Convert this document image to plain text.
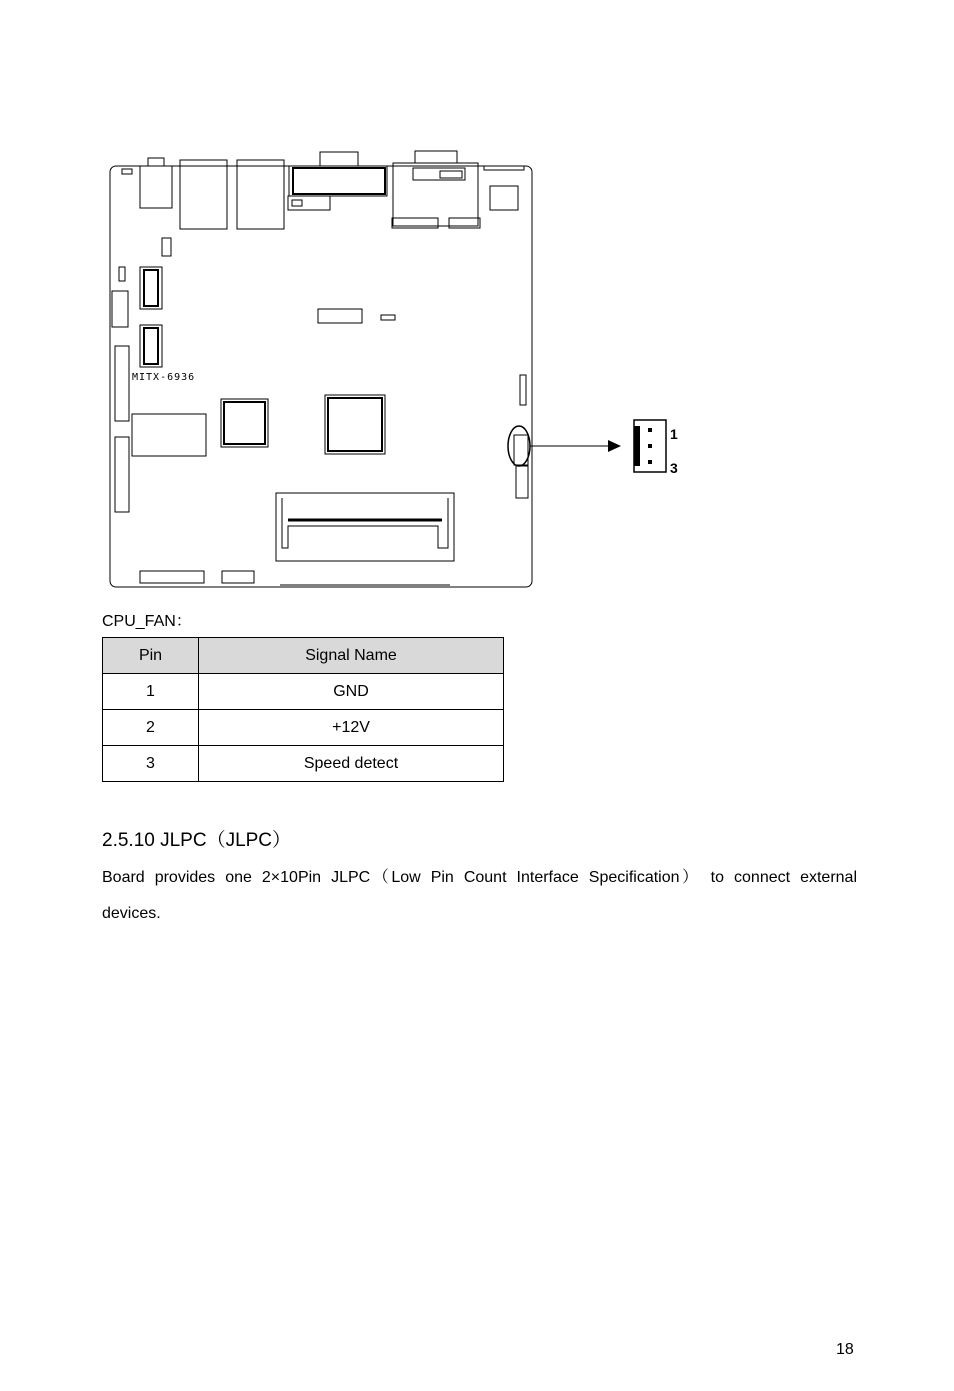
MITX-6936
1
3
CPU_FAN：
Pin	Signal Name
1	GND
2	+12V
3	Speed detect
2.5.10 JLPC（JLPC）
Board provides one 2×10Pin JLPC（Low Pin Count Interface Specification） to connect external devices.
18
